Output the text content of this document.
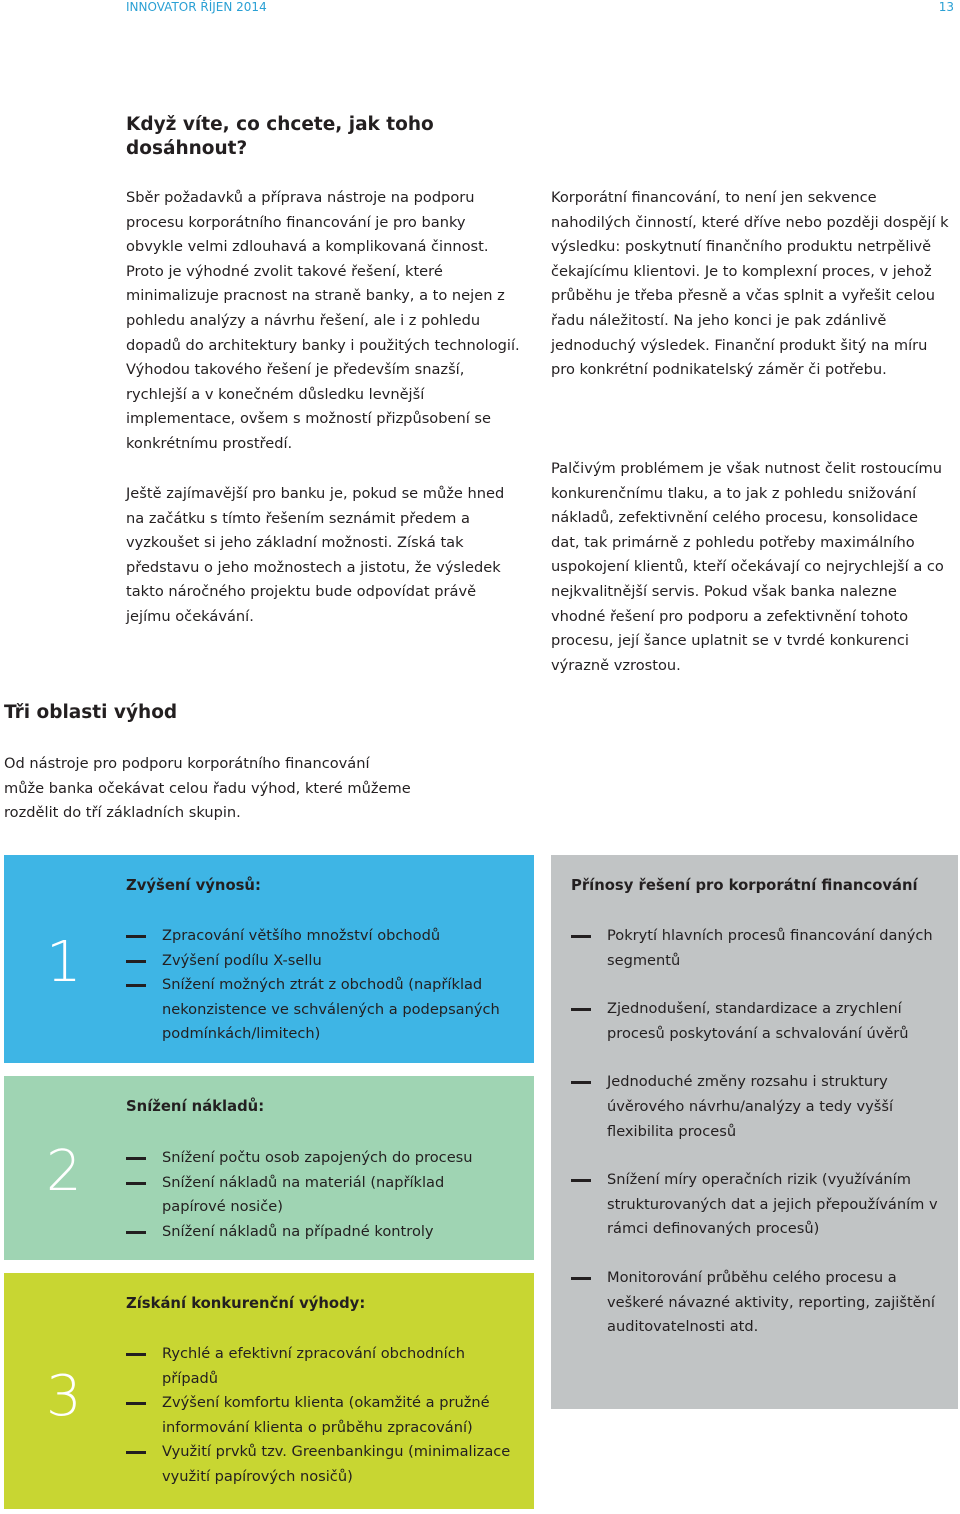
INNOVATOR ŘÍJEN 2014	13
Když víte, co chcete, jak toho dosáhnout?
Sběr požadavků a příprava nástroje na podporu procesu korporátního financování je pro banky obvykle velmi zdlouhavá a komplikovaná činnost. Proto je výhodné zvolit takové řešení, které minimalizuje pracnost na straně banky, a to nejen z pohledu analýzy a návrhu řešení, ale i z pohledu dopadů do architektury banky i použitých technologií. Výhodou takového řešení je především snazší, rychlejší a v konečném důsledku levnější implementace, ovšem s možností přizpůsobení se konkrétnímu prostředí.
Ještě zajímavější pro banku je, pokud se může hned na začátku s tímto řešením seznámit předem a vyzkoušet si jeho základní možnosti. Získá tak představu o jeho možnostech a jistotu, že výsledek takto náročného projektu bude odpovídat právě jejímu očekávání.
Korporátní financování, to není jen sekvence nahodilých činností, které dříve nebo později dospějí k výsledku: poskytnutí finančního produktu netrpělivě čekajícímu klientovi. Je to komplexní proces, v jehož průběhu je třeba přesně a včas splnit a vyřešit celou řadu náležitostí. Na jeho konci je pak zdánlivě jednoduchý výsledek. Finanční produkt šitý na míru pro konkrétní podnikatelský záměr či potřebu.
Palčivým problémem je však nutnost čelit rostoucímu konkurenčnímu tlaku, a to jak z pohledu snižování nákladů, zefektivnění celého procesu, konsolidace dat, tak primárně z pohledu potřeby maximálního uspokojení klientů, kteří očekávají co nejrychlejší a co nejkvalitnější servis. Pokud však banka nalezne vhodné řešení pro podporu a zefektivnění tohoto procesu, její šance uplatnit se v tvrdé konkurenci výrazně vzrostou.
Tři oblasti výhod
Od nástroje pro podporu korporátního financování může banka očekávat celou řadu výhod, které můžeme rozdělit do tří základních skupin.
1
Zvýšení výnosů:
Zpracování většího množství obchodů
Zvýšení podílu X-sellu
Snížení možných ztrát z obchodů (například nekonzistence ve schválených a podepsaných podmínkách/limitech)
2
Snížení nákladů:
Snížení počtu osob zapojených do procesu
Snížení nákladů na materiál (například papírové nosiče)
Snížení nákladů na případné kontroly
3
Získání konkurenční výhody:
Rychlé a efektivní zpracování obchodních případů
Zvýšení komfortu klienta (okamžité a pružné informování klienta o průběhu zpracování)
Využití prvků tzv. Greenbankingu (minimalizace využití papírových nosičů)
Přínosy řešení pro korporátní financování
Pokrytí hlavních procesů financování daných segmentů
Zjednodušení, standardizace a zrychlení procesů poskytování a schvalování úvěrů
Jednoduché změny rozsahu i struktury úvěrového návrhu/analýzy a tedy vyšší flexibilita procesů
Snížení míry operačních rizik (využíváním strukturovaných dat a jejich přepoužíváním v rámci definovaných procesů)
Monitorování průběhu celého procesu a veškeré návazné aktivity, reporting, zajištění auditovatelnosti atd.
